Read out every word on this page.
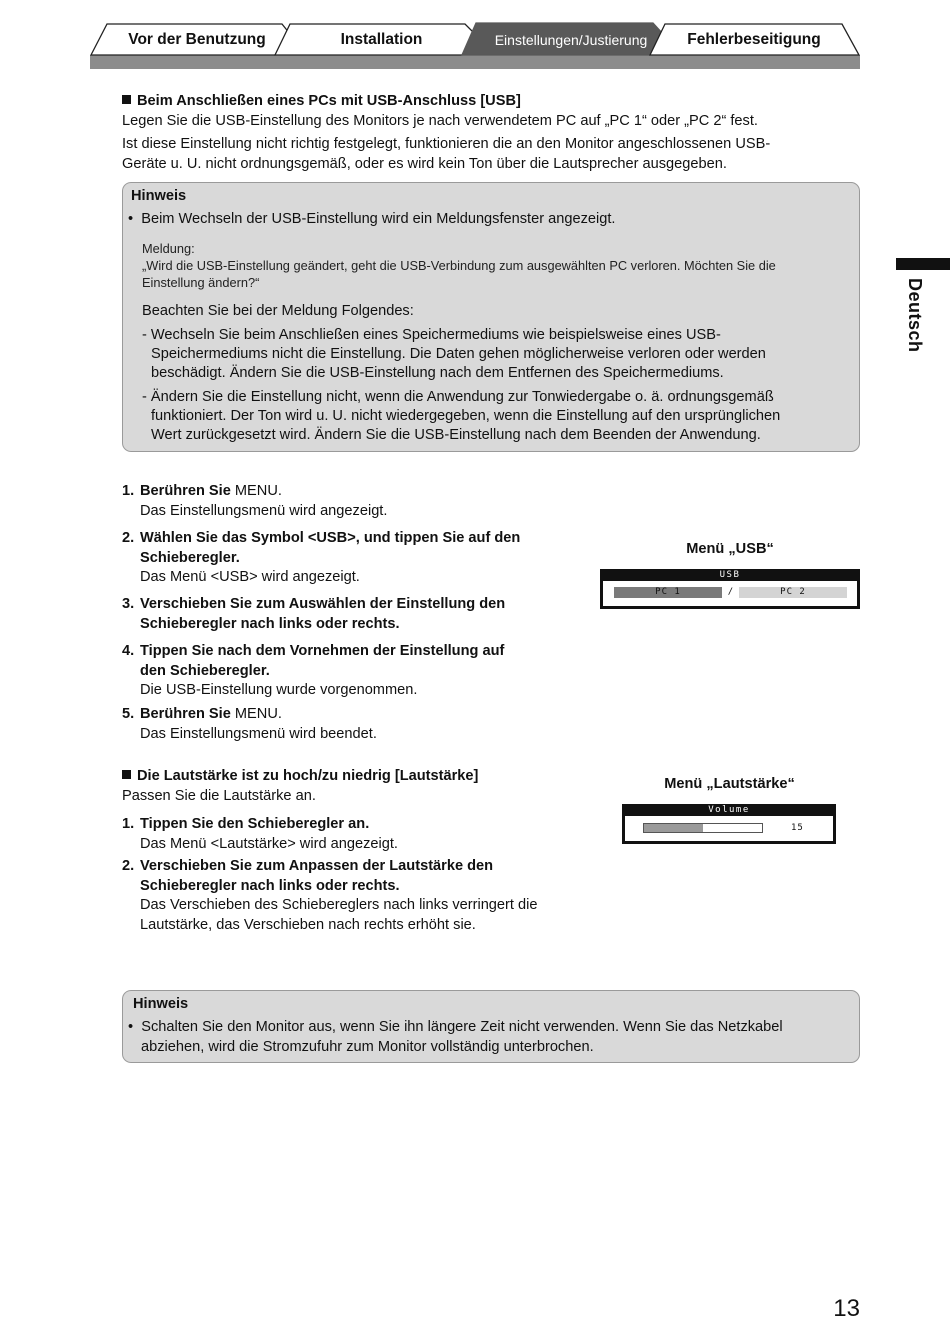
Vor der Benutzung	Installation	Einstellungen/Justierung	Fehlerbeseitigung
Deutsch
Beim Anschließen eines PCs mit USB-Anschluss [USB]
Legen Sie die USB-Einstellung des Monitors je nach verwendetem PC auf „PC 1“ oder „PC 2“ fest.
Ist diese Einstellung nicht richtig festgelegt, funktionieren die an den Monitor angeschlossenen USB-
Geräte u. U. nicht ordnungsgemäß, oder es wird kein Ton über die Lautsprecher ausgegeben.
Hinweis
•  Beim Wechseln der USB-Einstellung wird ein Meldungsfenster angezeigt.
Meldung:
„Wird die USB-Einstellung geändert, geht die USB-Verbindung zum ausgewählten PC verloren. Möchten Sie die
Einstellung ändern?“
Beachten Sie bei der Meldung Folgendes:
- Wechseln Sie beim Anschließen eines Speichermediums wie beispielsweise eines USB-
Speichermediums nicht die Einstellung. Die Daten gehen möglicherweise verloren oder werden
beschädigt. Ändern Sie die USB-Einstellung nach dem Entfernen des Speichermediums.
- Ändern Sie die Einstellung nicht, wenn die Anwendung zur Tonwiedergabe o. ä. ordnungsgemäß
funktioniert. Der Ton wird u. U. nicht wiedergegeben, wenn die Einstellung auf den ursprünglichen
Wert zurückgesetzt wird. Ändern Sie die USB-Einstellung nach dem Beenden der Anwendung.
1. Berühren Sie MENU.
Das Einstellungsmenü wird angezeigt.
2. Wählen Sie das Symbol <USB>, und tippen Sie auf den
Schieberegler.
Das Menü <USB> wird angezeigt.
3. Verschieben Sie zum Auswählen der Einstellung den
Schieberegler nach links oder rechts.
4. Tippen Sie nach dem Vornehmen der Einstellung auf
den Schieberegler.
Die USB-Einstellung wurde vorgenommen.
5. Berühren Sie MENU.
Das Einstellungsmenü wird beendet.
Menü „USB“
USB
PC 1	/	PC 2
Die Lautstärke ist zu hoch/zu niedrig [Lautstärke]
Passen Sie die Lautstärke an.
1. Tippen Sie den Schieberegler an.
Das Menü <Lautstärke> wird angezeigt.
2. Verschieben Sie zum Anpassen der Lautstärke den
Schieberegler nach links oder rechts.
Das Verschieben des Schiebereglers nach links verringert die
Lautstärke, das Verschieben nach rechts erhöht sie.
Menü „Lautstärke“
Volume
15
Hinweis
•  Schalten Sie den Monitor aus, wenn Sie ihn längere Zeit nicht verwenden. Wenn Sie das Netzkabel
abziehen, wird die Stromzufuhr zum Monitor vollständig unterbrochen.
13
